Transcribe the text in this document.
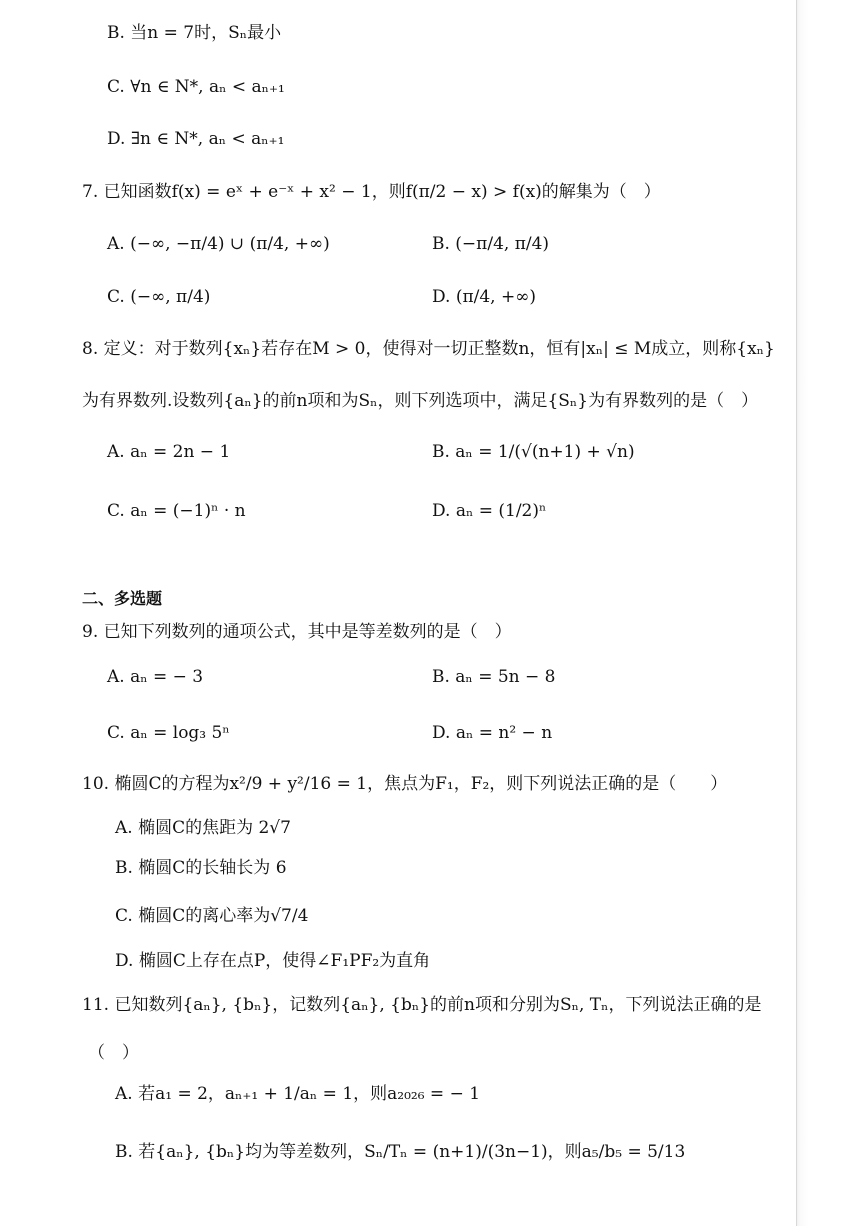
B. 当n = 7时，Sₙ最小
C. ∀n ∈ N*, aₙ < aₙ₊₁
D. ∃n ∈ N*, aₙ < aₙ₊₁
7. 已知函数f(x) = eˣ + e⁻ˣ + x² − 1，则f(π/2 − x) > f(x)的解集为（　）
A. (−∞, −π/4) ∪ (π/4, +∞)	B. (−π/4, π/4)
C. (−∞, π/4)	D. (π/4, +∞)
8. 定义：对于数列{xₙ}若存在M > 0，使得对一切正整数n，恒有|xₙ| ≤ M成立，则称{xₙ}
为有界数列.设数列{aₙ}的前n项和为Sₙ，则下列选项中，满足{Sₙ}为有界数列的是（　）
A. aₙ = 2n − 1	B. aₙ = 1/(√(n+1) + √n)
C. aₙ = (−1)ⁿ · n	D. aₙ = (1/2)ⁿ
二、多选题
9. 已知下列数列的通项公式，其中是等差数列的是（　）
A. aₙ = − 3	B. aₙ = 5n − 8
C. aₙ = log₃ 5ⁿ	D. aₙ = n² − n
10. 椭圆C的方程为x²/9 + y²/16 = 1，焦点为F₁，F₂，则下列说法正确的是（　　）
A. 椭圆C的焦距为 2√7
B. 椭圆C的长轴长为 6
C. 椭圆C的离心率为√7/4
D. 椭圆C上存在点P，使得∠F₁PF₂为直角
11. 已知数列{aₙ}, {bₙ}，记数列{aₙ}, {bₙ}的前n项和分别为Sₙ, Tₙ，下列说法正确的是
（　）
A. 若a₁ = 2，aₙ₊₁ + 1/aₙ = 1，则a₂₀₂₆ = − 1
B. 若{aₙ}, {bₙ}均为等差数列，Sₙ/Tₙ = (n+1)/(3n−1)，则a₅/b₅ = 5/13
